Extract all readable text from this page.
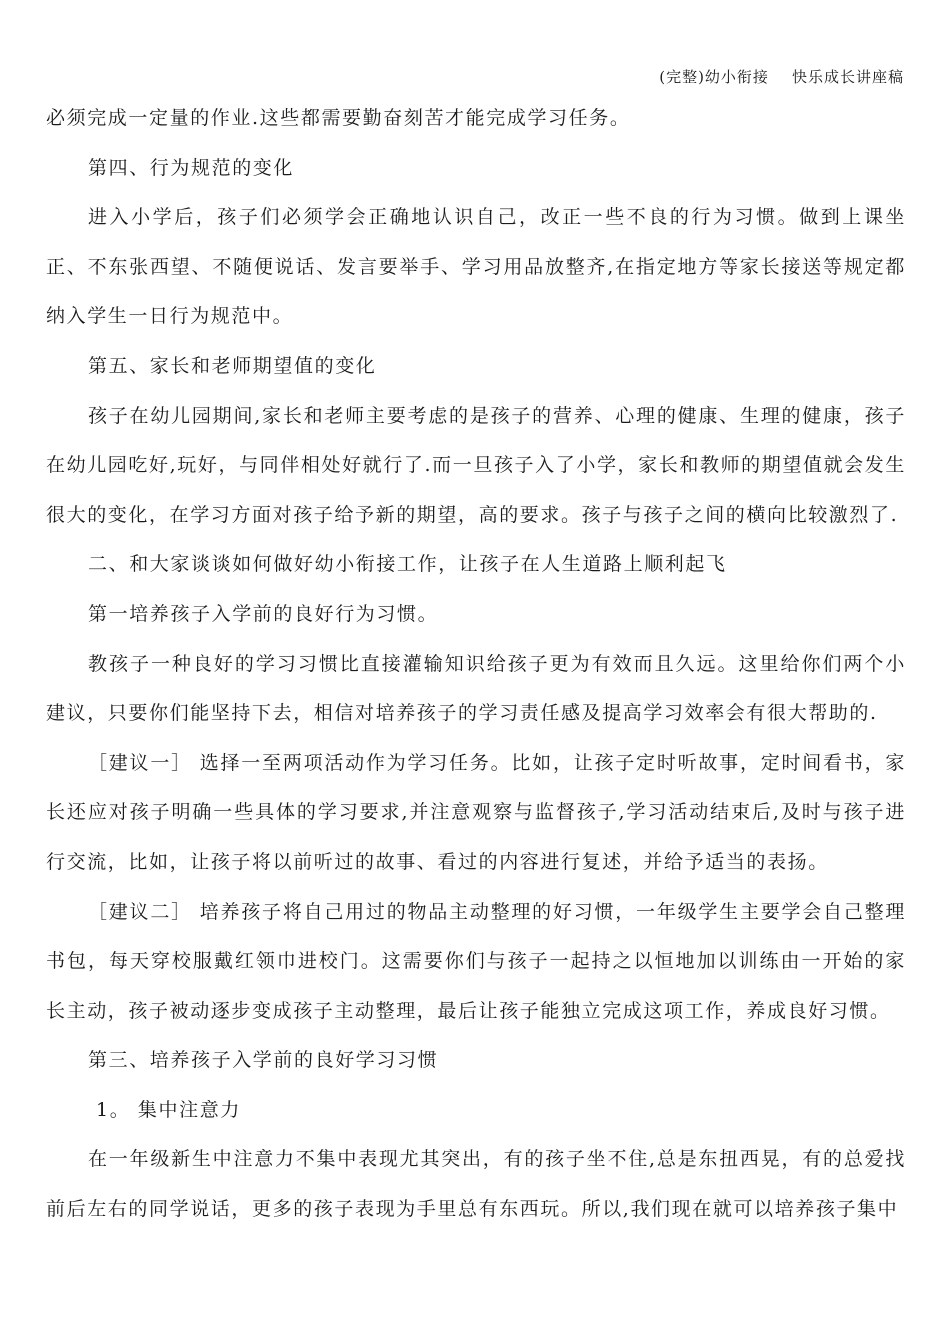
(完整)幼小衔接    快乐成长讲座稿

必须完成一定量的作业.这些都需要勤奋刻苦才能完成学习任务。

第四、行为规范的变化

进入小学后，孩子们必须学会正确地认识自己，改正一些不良的行为习惯。做到上课坐正、不东张西望、不随便说话、发言要举手、学习用品放整齐,在指定地方等家长接送等规定都纳入学生一日行为规范中。

第五、家长和老师期望值的变化

孩子在幼儿园期间,家长和老师主要考虑的是孩子的营养、心理的健康、生理的健康，孩子在幼儿园吃好,玩好，与同伴相处好就行了.而一旦孩子入了小学，家长和教师的期望值就会发生很大的变化，在学习方面对孩子给予新的期望，高的要求。孩子与孩子之间的横向比较激烈了.

二、和大家谈谈如何做好幼小衔接工作，让孩子在人生道路上顺利起飞

第一培养孩子入学前的良好行为习惯。

教孩子一种良好的学习习惯比直接灌输知识给孩子更为有效而且久远。这里给你们两个小建议，只要你们能坚持下去，相信对培养孩子的学习责任感及提高学习效率会有很大帮助的.

［建议一］ 选择一至两项活动作为学习任务。比如，让孩子定时听故事，定时间看书，家长还应对孩子明确一些具体的学习要求,并注意观察与监督孩子,学习活动结束后,及时与孩子进行交流，比如，让孩子将以前听过的故事、看过的内容进行复述，并给予适当的表扬。

［建议二］ 培养孩子将自己用过的物品主动整理的好习惯，一年级学生主要学会自己整理书包，每天穿校服戴红领巾进校门。这需要你们与孩子一起持之以恒地加以训练由一开始的家长主动，孩子被动逐步变成孩子主动整理，最后让孩子能独立完成这项工作，养成良好习惯。

第三、培养孩子入学前的良好学习习惯

1。 集中注意力

在一年级新生中注意力不集中表现尤其突出，有的孩子坐不住,总是东扭西晃，有的总爱找前后左右的同学说话，更多的孩子表现为手里总有东西玩。所以,我们现在就可以培养孩子集中
